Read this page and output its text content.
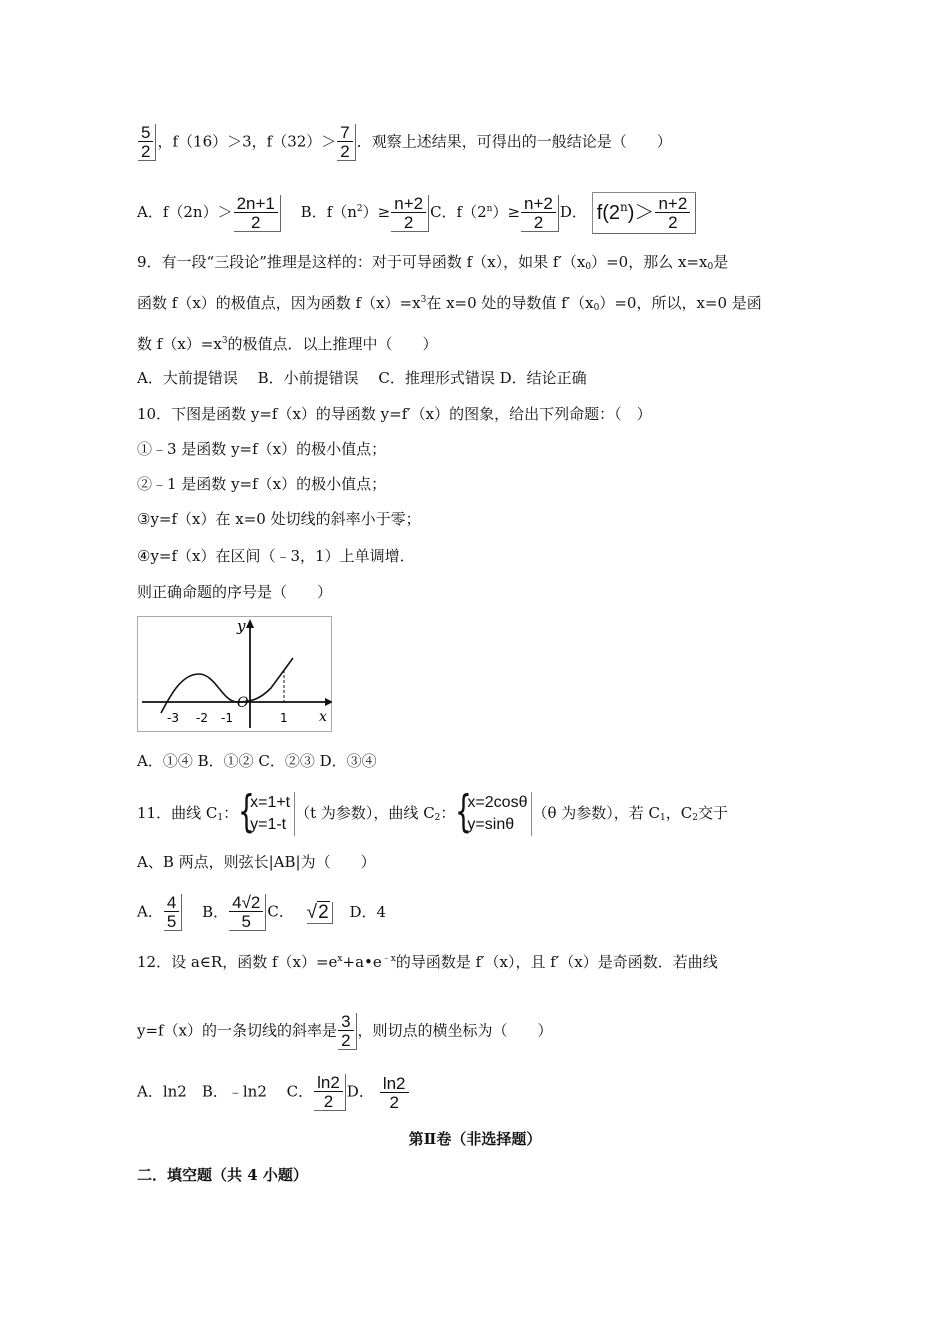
$\frac{5}{2}$ ，f（16）＞3，$f(32)> \frac{7}{2}$ ．观察上述结果，可得出的一般结论是（　　）
A．$f(2n)> \frac{2n+1}{2}$ B．$f(n^2)\ge \frac{n+2}{2}$ C．$f(2^n)\ge \frac{n+2}{2}$ D． $f(2^n)> \frac{n+2}{2}$
9．有一段“三段论”推理是这样的：对于可导函数 f（x），如果 $f'(x_0)=0$，那么 $x=x_0$是
函数 f（x）的极值点，因为函数 $f(x)=x^3$在 x=0 处的导数值 $f'(x_0)=0$，所以，x=0 是函
数 $f(x)=x^3$的极值点．以上推理中（　　）
A．大前提错误　 B．小前提错误　 C．推理形式错误 D．结论正确
10．下图是函数 y=f（x）的导函数 y=f′（x）的图象，给出下列命题：（　）
①﹣3 是函数 y=f（x）的极小值点；
②﹣1 是函数 y=f（x）的极小值点；
③y=f（x）在 x=0 处切线的斜率小于零；
④y=f（x）在区间（﹣3，1）上单调增．
则正确命题的序号是（　　）
y
x
O
-3 -2 -1	1
A．①④ B．①② C．②③ D．③④
11．曲线 $C_1$： {
x=1+t
y=1-t
（t 为参数），曲线 $C_2$： {
x=2cosθ
y=sinθ
（θ 为参数），若 $C_1$，$C_2$交于
A、B 两点，则弦长|AB|为（　　）
A． $\frac{4}{5}$ B． $\frac{4√2}{5}$ C． √2 D．4
12．设 a∈R，函数 $f(x)=e^x+a•e^{﹣x}$的导函数是 f′（x），且 f′（x）是奇函数．若曲线
y=f（x）的一条切线的斜率是 $\frac{3}{2}$ ，则切点的横坐标为（　　）
A．ln2　B．﹣ln2　 C． $\frac{\ln 2}{2}$ D． $\frac{\ln 2}{2}$
第Ⅱ卷（非选择题）
二．填空题（共 4 小题）
